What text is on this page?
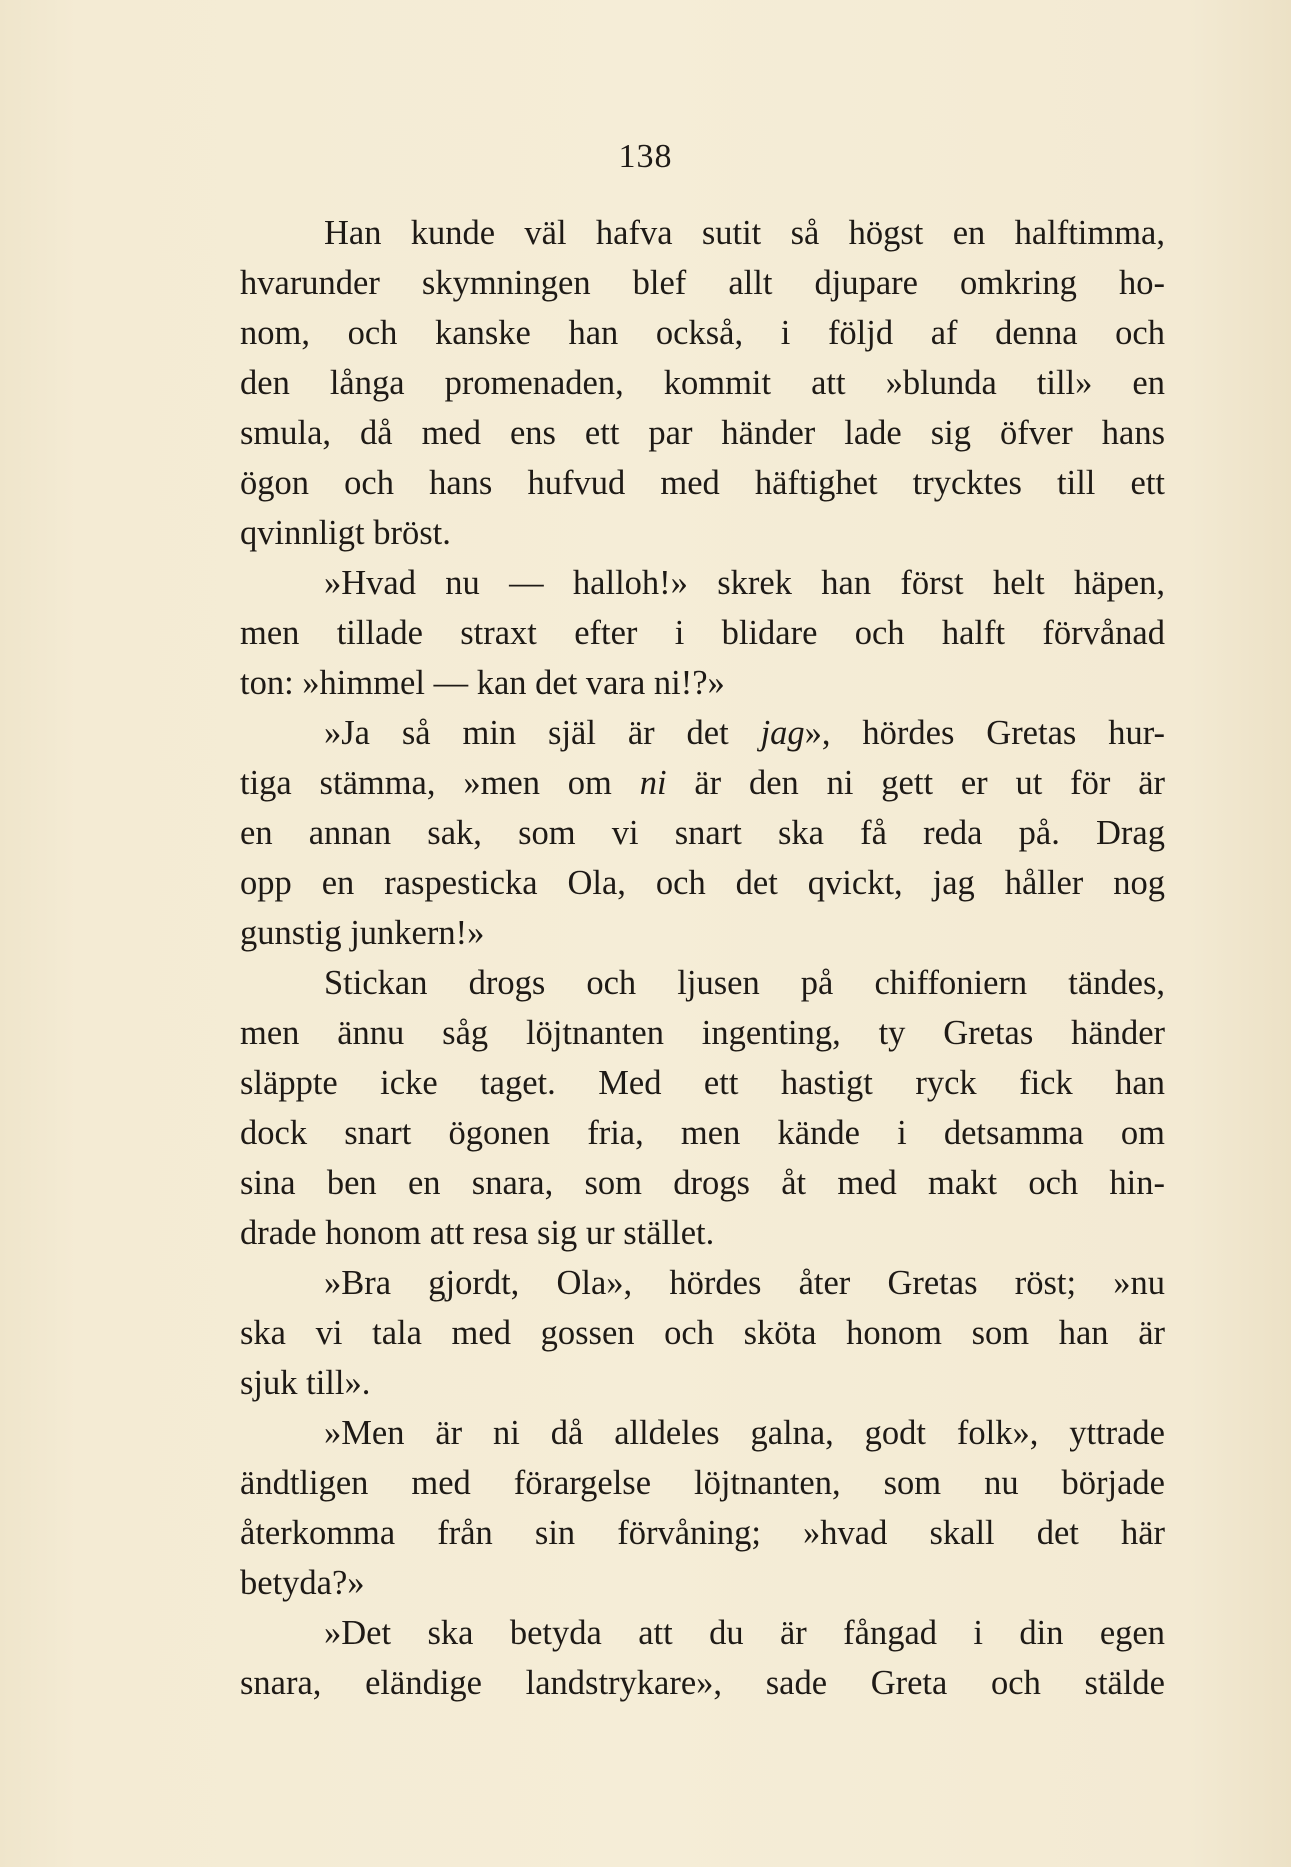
138
Han kunde väl hafva sutit så högst en halftimma,
hvarunder skymningen blef allt djupare omkring ho-
nom, och kanske han också, i följd af denna och
den långa promenaden, kommit att »blunda till» en
smula, då med ens ett par händer lade sig öfver hans
ögon och hans hufvud med häftighet trycktes till ett
qvinnligt bröst.
»Hvad nu — halloh!» skrek han först helt häpen,
men tillade straxt efter i blidare och halft förvånad
ton: »himmel — kan det vara ni!?»
»Ja så min själ är det jag», hördes Gretas hur-
tiga stämma, »men om ni är den ni gett er ut för är
en annan sak, som vi snart ska få reda på. Drag
opp en raspesticka Ola, och det qvickt, jag håller nog
gunstig junkern!»
Stickan drogs och ljusen på chiffoniern tändes,
men ännu såg löjtnanten ingenting, ty Gretas händer
släppte icke taget. Med ett hastigt ryck fick han
dock snart ögonen fria, men kände i detsamma om
sina ben en snara, som drogs åt med makt och hin-
drade honom att resa sig ur stället.
»Bra gjordt, Ola», hördes åter Gretas röst; »nu
ska vi tala med gossen och sköta honom som han är
sjuk till».
»Men är ni då alldeles galna, godt folk», yttrade
ändtligen med förargelse löjtnanten, som nu började
återkomma från sin förvåning; »hvad skall det här
betyda?»
»Det ska betyda att du är fångad i din egen
snara, eländige landstrykare», sade Greta och stälde
